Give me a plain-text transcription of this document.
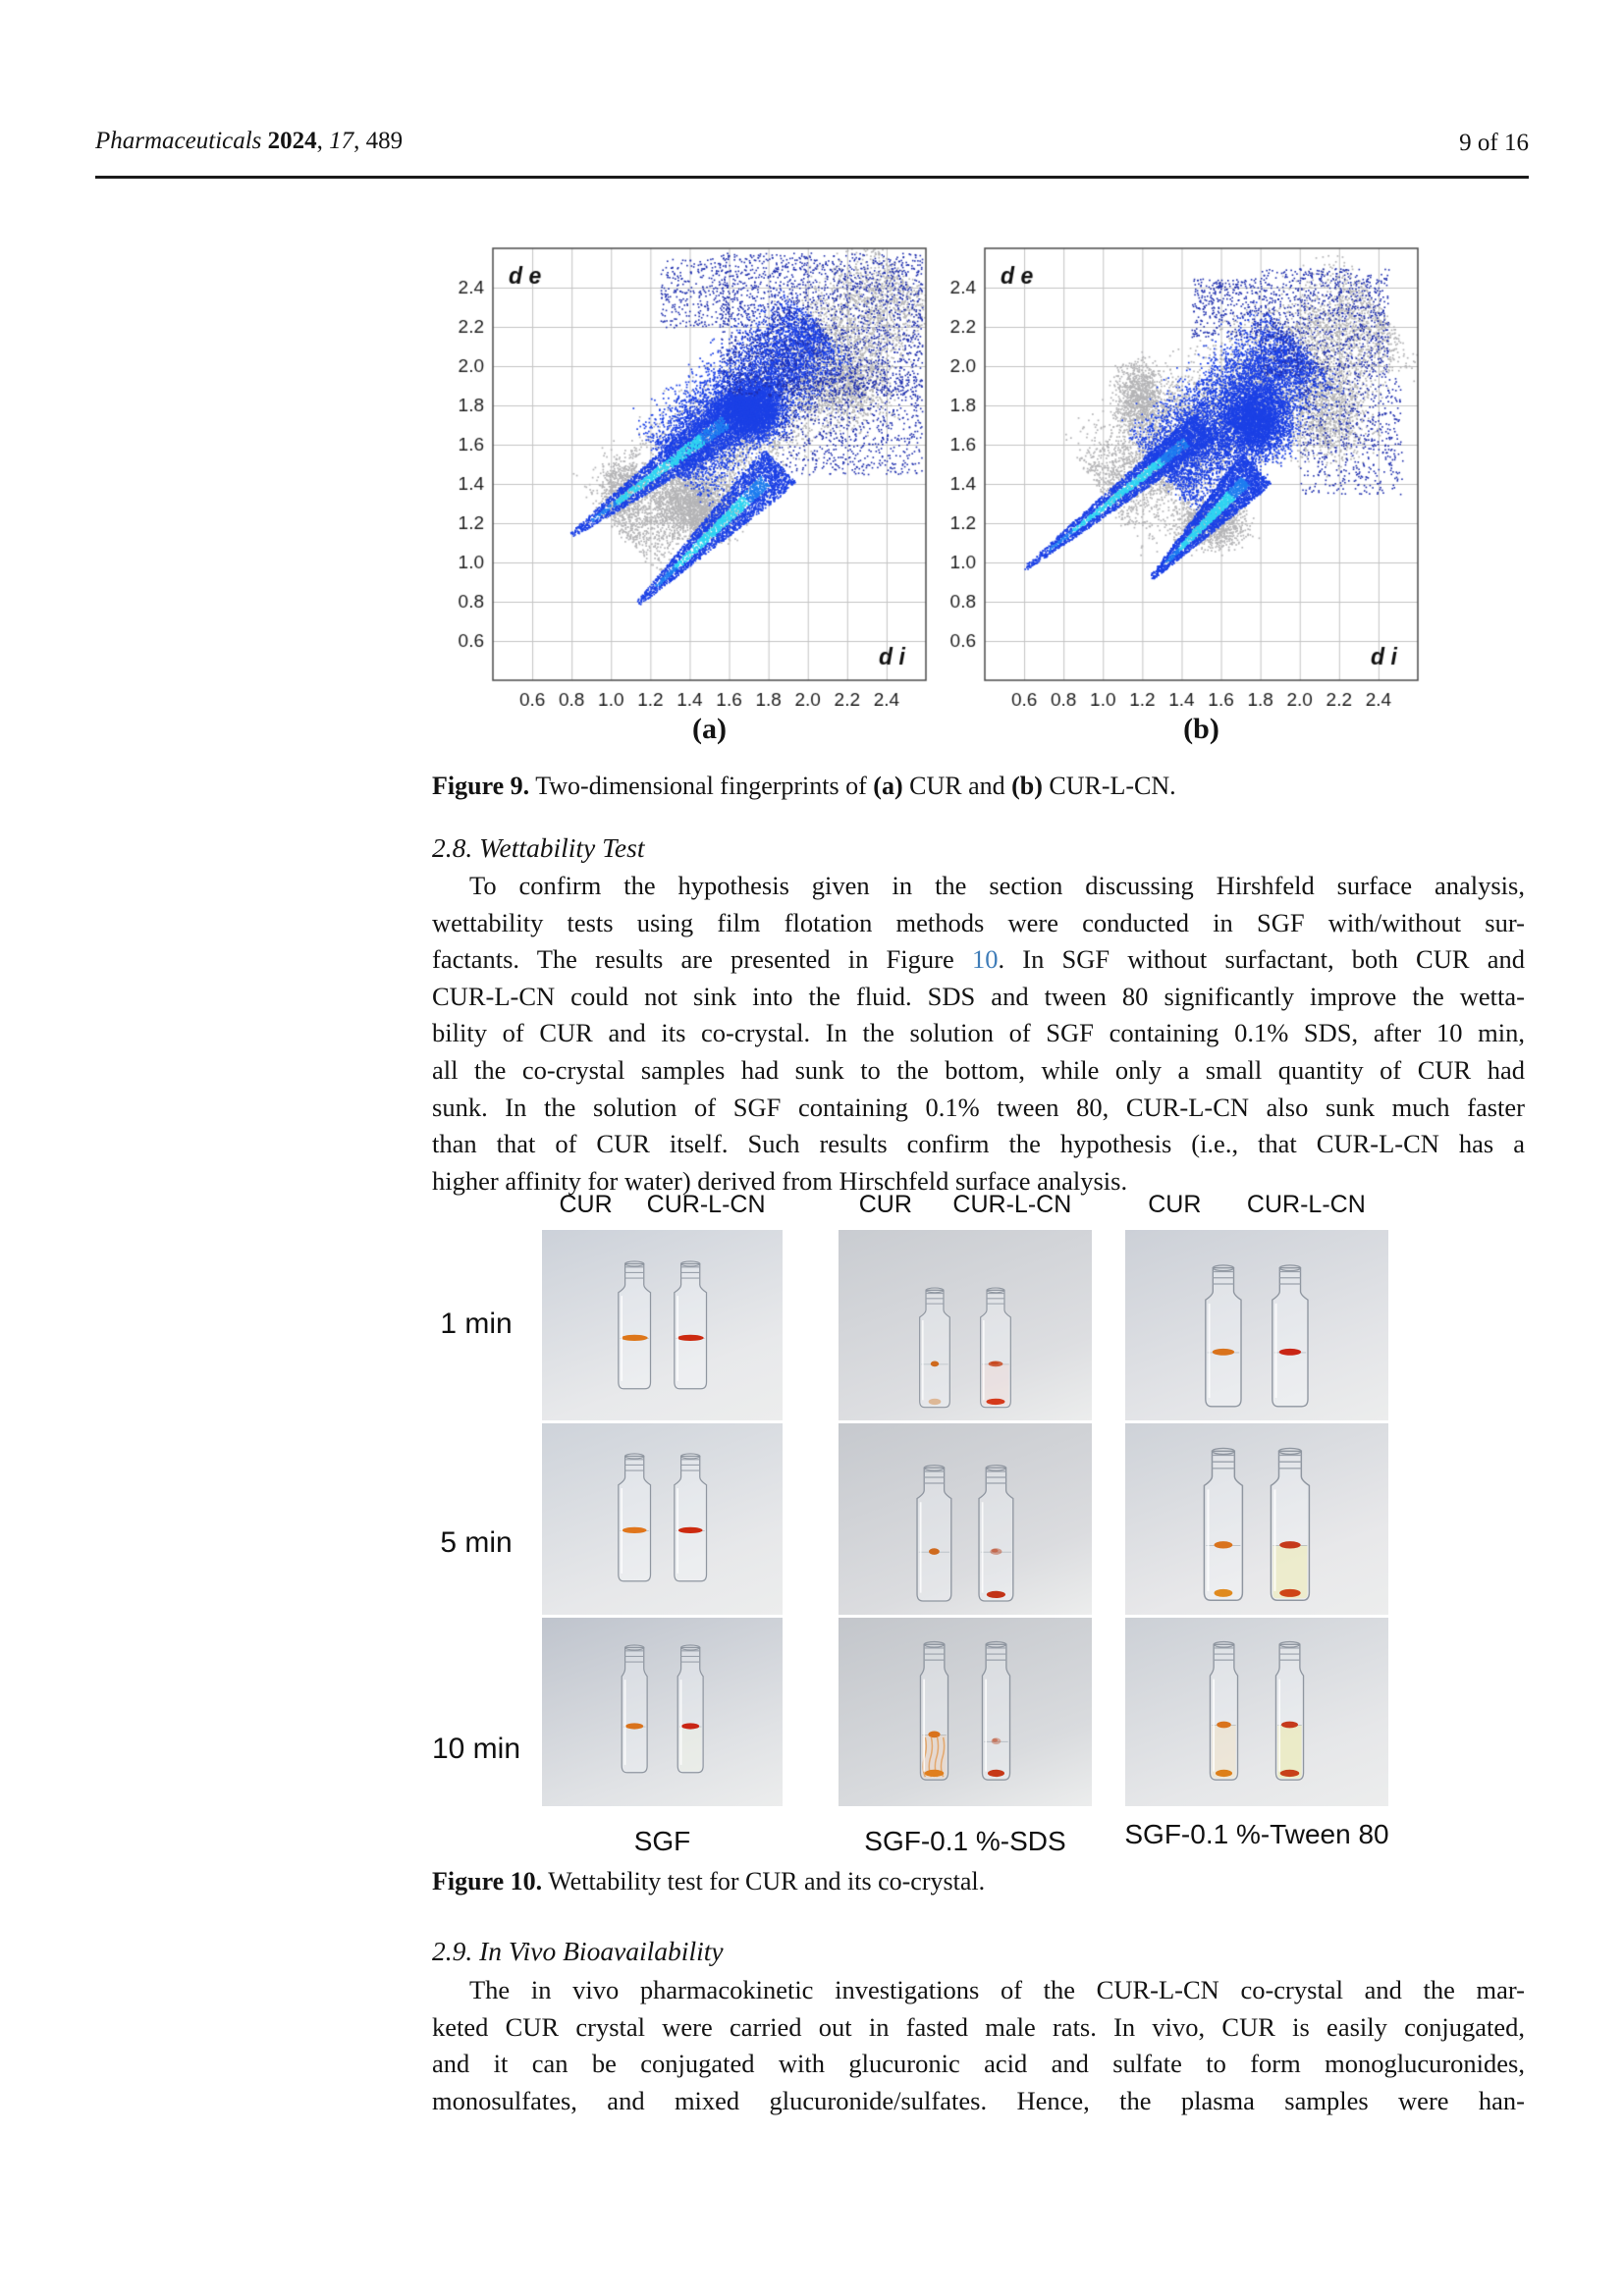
Pharmaceuticals 2024, 17, 489	9 of 16
(a)	(b)
Figure 9. Two-dimensional fingerprints of (a) CUR and (b) CUR-L-CN.
2.8. Wettability Test
To confirm the hypothesis given in the section discussing Hirshfeld surface analysis,
wettability tests using film flotation methods were conducted in SGF with/without sur-
factants. The results are presented in Figure 10. In SGF without surfactant, both CUR and
CUR-L-CN could not sink into the fluid. SDS and tween 80 significantly improve the wetta-
bility of CUR and its co-crystal. In the solution of SGF containing 0.1% SDS, after 10 min,
all the co-crystal samples had sunk to the bottom, while only a small quantity of CUR had
sunk. In the solution of SGF containing 0.1% tween 80, CUR-L-CN also sunk much faster
than that of CUR itself. Such results confirm the hypothesis (i.e., that CUR-L-CN has a
higher affinity for water) derived from Hirschfeld surface analysis.
CUR CUR-L-CN	CUR CUR-L-CN	CUR CUR-L-CN
1 min
5 min
10 min
SGF	SGF-0.1 %-SDS	SGF-0.1 %-Tween 80
Figure 10. Wettability test for CUR and its co-crystal.
2.9. In Vivo Bioavailability
The in vivo pharmacokinetic investigations of the CUR-L-CN co-crystal and the mar-
keted CUR crystal were carried out in fasted male rats. In vivo, CUR is easily conjugated,
and it can be conjugated with glucuronic acid and sulfate to form monoglucuronides,
monosulfates, and mixed glucuronide/sulfates. Hence, the plasma samples were han-
